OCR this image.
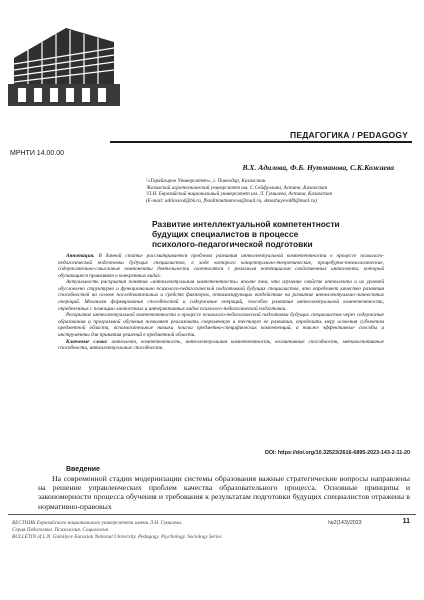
ПЕДАГОГИКА / PEDAGOGY
МРНТИ 14.00.00
В.Х. Адилова, Ф.Б. Нутманова, С.К.Кожаева
¹«Торайгыров Университет», г. Павлодар, Казахстан
²Казахский агротехнический университет им. С.Сейфуллина, Астана, Казахстан
³Л.Н. Евразийский национальный университет им. Л. Гумилева, Астана, Казахстан
(E-mail: adilovavd@bk.ru, fbaidinnutmanova@mail.ru, sknozhayeva89@mail.ru)
Развитие интеллектуальной компетентности будущих специалистов в процессе психолого-педагогической подготовки

Аннотация. В данной статье рассматривается проблема развития интеллектуальной компетентности в процессе психолого-педагогической подготовки будущих специалистов, в ходе которого концептуально-теоретические, процедурно-технологические, содержательно-смысловые компоненты деятельности соотносятся с реальным потенциалом свойственных интеллекта, который обучающиеся проявляют в конкретных видах.

Актуальность раскрытия понятия «интеллектуальная компетентность» вполне тем, что изучение свойств интеллекта и их уровней обусловлено структурно и функционально психолого-педагогической подготовкой будущих специалистов, что определяет качество развития способностей на основе последовательных и средств факторов, оптимизирующих воздействие на развитие интеллектуально-личностных операций. Механизм формирования способностей и содержание операций, способов развития интеллектуальной компетентности, определенных с помощью личностных и интерактивных видов психолого-педагогической подготовки.

Раскрытие интеллектуальной компетентности в процессе психолого-педагогической подготовки будущих специалистов через содержание образования и программой обучения позволяет реализовать современную и тестовую ее развития, определить меру освоения субъектом предметной области, вспомогательные навыки поиска предметно-специфических компетенций, а также эффективные способы и инструменты для принятия решений в предметной области.

Ключевые слова: интеллект, компетентность, интеллектуальная компетентность, когнитивные способности, метакогнитивные способности, интеллектуальные способности.

DOI: https://doi.org/10.32523/2616-6895-2023-143-2-11-20
Введение

На современной стадии модернизации системы образования важные стратегические вопросы направлены на решение управленческих проблем качества образовательного процесса. Основные принципы и закономерности процесса обучения и требования к результатам подготовки будущих специалистов отражены в нормативно-правовых

ВЕСТНИК Евразийского национального университета имени Л.Н. Гумилева.
Серия Педагогика. Психология. Социология
BULLETIN of L.N. Gumilyov Eurasian National University. Pedagogy. Psychology. Sociology Series
№2(143)/2023	11
